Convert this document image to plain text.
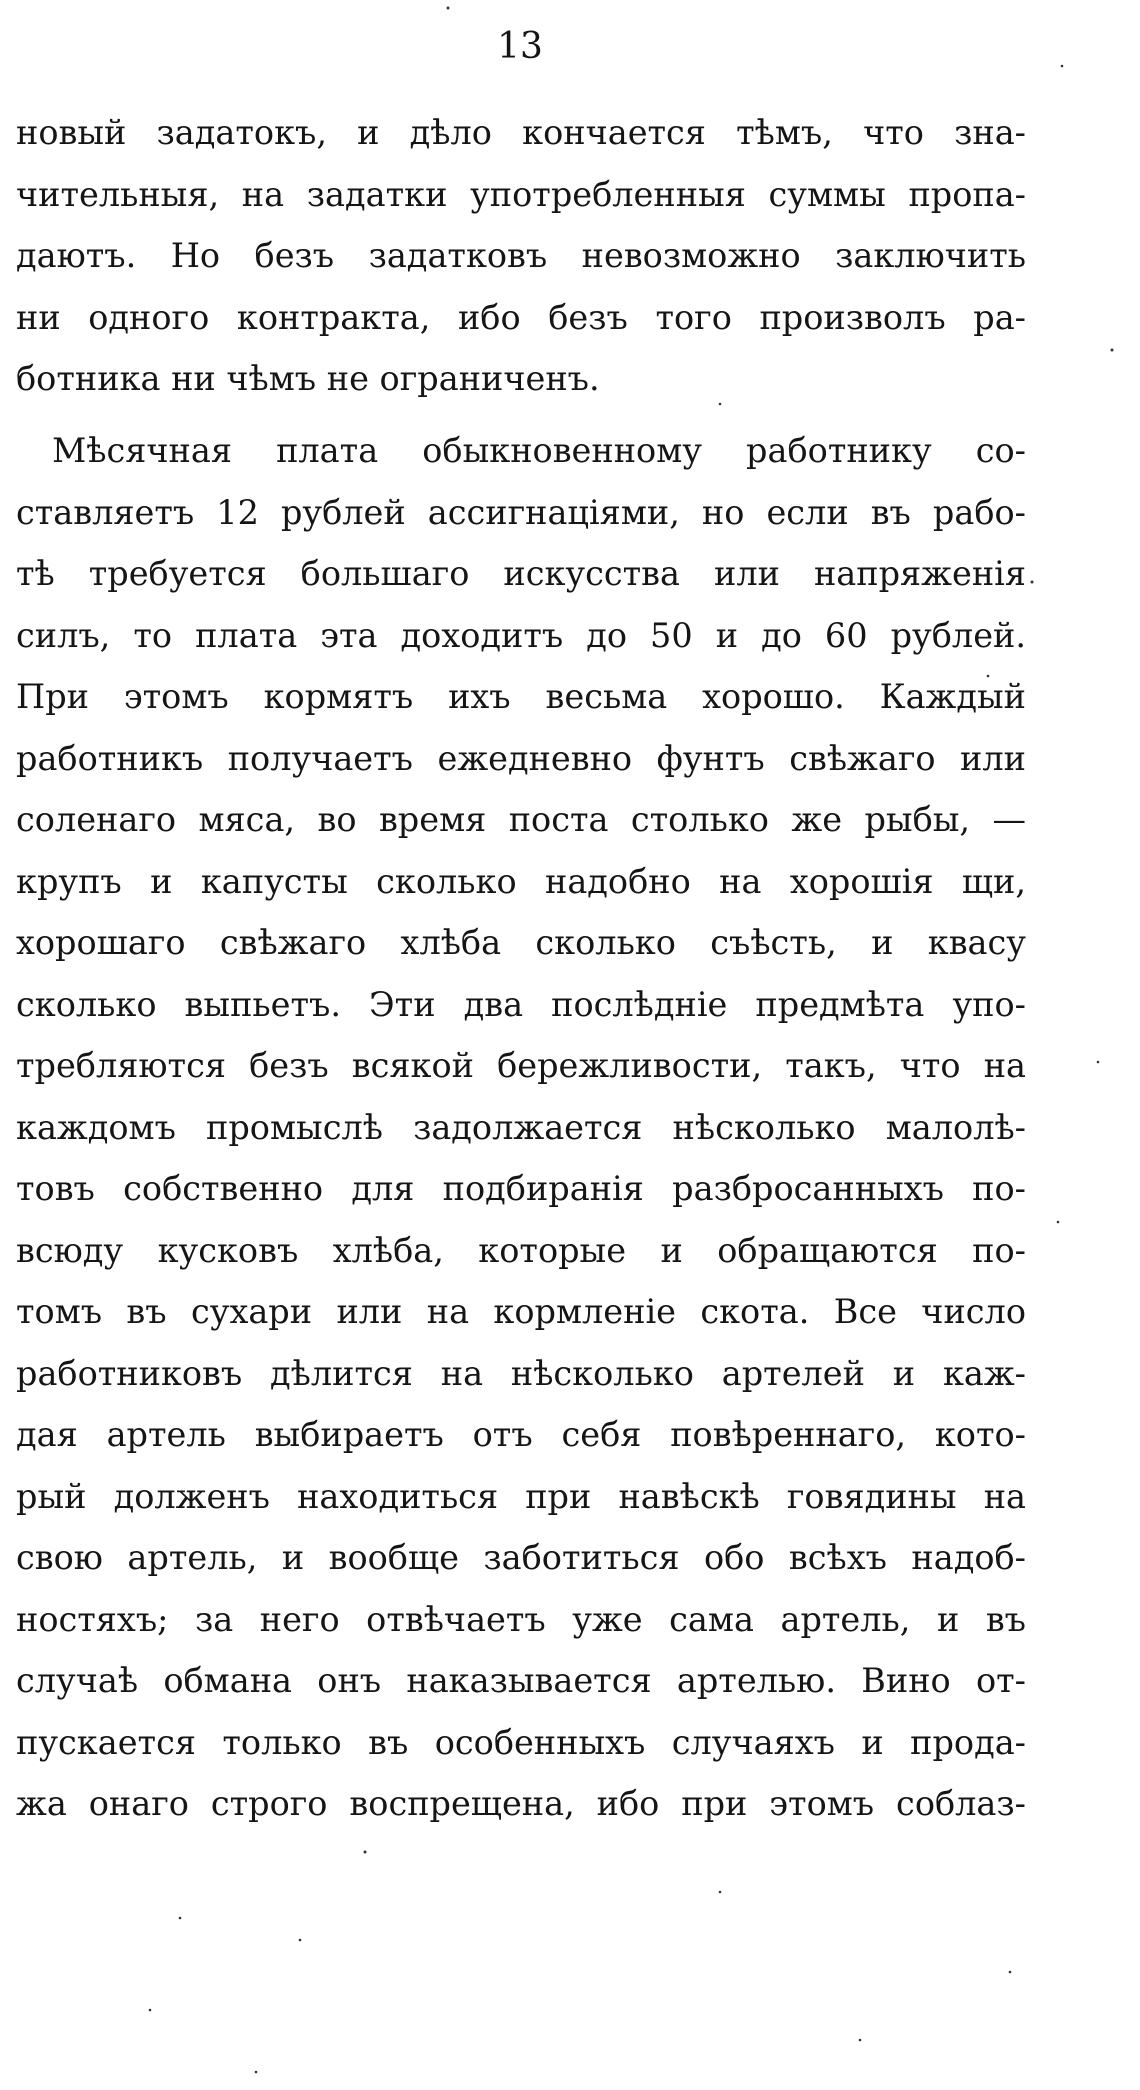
13
новый задатокъ, и дѣло кончается тѣмъ, что зна-
чительныя, на задатки употребленныя суммы пропа-
даютъ. Но безъ задатковъ невозможно заключить
ни одного контракта, ибо безъ того произволъ ра-
ботника ни чѣмъ не ограниченъ.
Мѣсячная плата обыкновенному работнику со-
ставляетъ 12 рублей ассигнаціями, но если въ рабо-
тѣ требуется большаго искусства или напряженія
силъ, то плата эта доходитъ до 50 и до 60 рублей.
При этомъ кормятъ ихъ весьма хорошо. Каждый
работникъ получаетъ ежедневно фунтъ свѣжаго или
соленаго мяса, во время поста столько же рыбы, —
крупъ и капусты сколько надобно на хорошія щи,
хорошаго свѣжаго хлѣба сколько съѣсть, и квасу
сколько выпьетъ. Эти два послѣдніе предмѣта упо-
требляются безъ всякой бережливости, такъ, что на
каждомъ промыслѣ задолжается нѣсколько малолѣ-
товъ собственно для подбиранія разбросанныхъ по-
всюду кусковъ хлѣба, которые и обращаются по-
томъ въ сухари или на кормленіе скота. Все число
работниковъ дѣлится на нѣсколько артелей и каж-
дая артель выбираетъ отъ себя повѣреннаго, кото-
рый долженъ находиться при навѣскѣ говядины на
свою артель, и вообще заботиться обо всѣхъ надоб-
ностяхъ; за него отвѣчаетъ уже сама артель, и въ
случаѣ обмана онъ наказывается артелью. Вино от-
пускается только въ особенныхъ случаяхъ и прода-
жа онаго строго воспрещена, ибо при этомъ соблаз-
